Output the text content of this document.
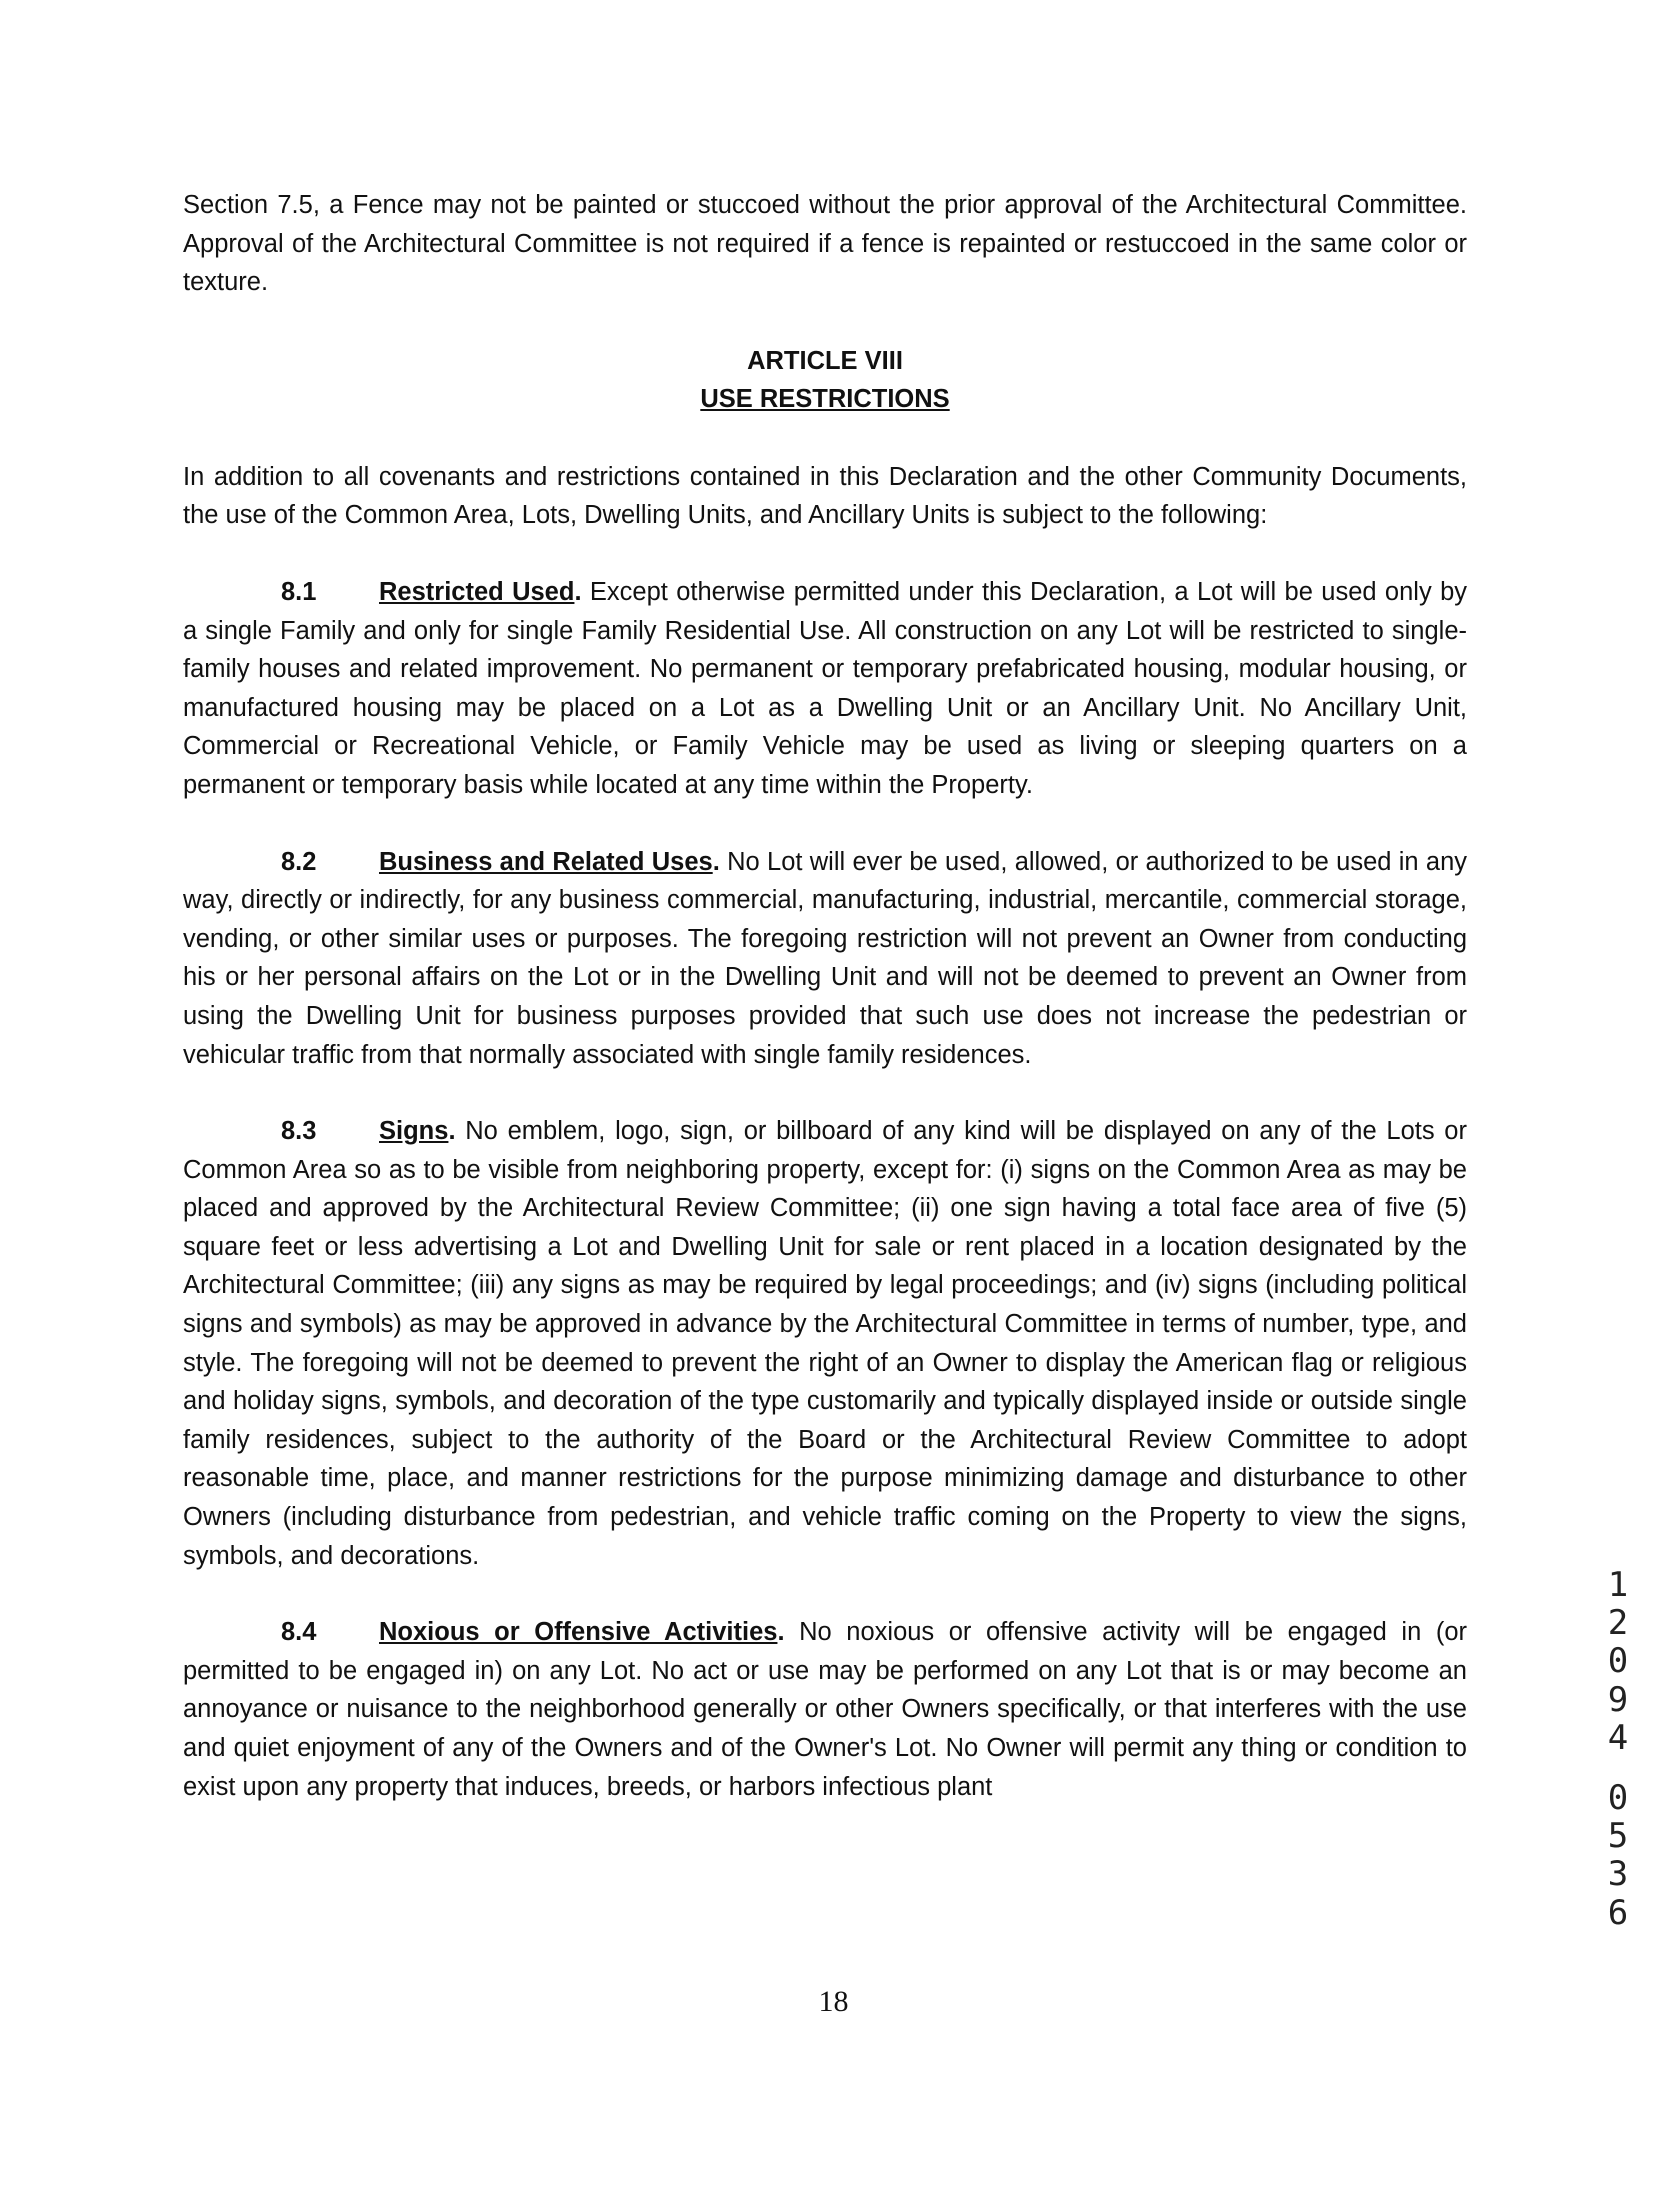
Section 7.5, a Fence may not be painted or stuccoed without the prior approval of the Architectural Committee. Approval of the Architectural Committee is not required if a fence is repainted or restuccoed in the same color or texture.

ARTICLE VIII
USE RESTRICTIONS

In addition to all covenants and restrictions contained in this Declaration and the other Community Documents, the use of the Common Area, Lots, Dwelling Units, and Ancillary Units is subject to the following:

8.1 Restricted Used. Except otherwise permitted under this Declaration, a Lot will be used only by a single Family and only for single Family Residential Use. All construction on any Lot will be restricted to single-family houses and related improvement. No permanent or temporary prefabricated housing, modular housing, or manufactured housing may be placed on a Lot as a Dwelling Unit or an Ancillary Unit. No Ancillary Unit, Commercial or Recreational Vehicle, or Family Vehicle may be used as living or sleeping quarters on a permanent or temporary basis while located at any time within the Property.

8.2 Business and Related Uses. No Lot will ever be used, allowed, or authorized to be used in any way, directly or indirectly, for any business commercial, manufacturing, industrial, mercantile, commercial storage, vending, or other similar uses or purposes. The foregoing restriction will not prevent an Owner from conducting his or her personal affairs on the Lot or in the Dwelling Unit and will not be deemed to prevent an Owner from using the Dwelling Unit for business purposes provided that such use does not increase the pedestrian or vehicular traffic from that normally associated with single family residences.

8.3 Signs. No emblem, logo, sign, or billboard of any kind will be displayed on any of the Lots or Common Area so as to be visible from neighboring property, except for: (i) signs on the Common Area as may be placed and approved by the Architectural Review Committee; (ii) one sign having a total face area of five (5) square feet or less advertising a Lot and Dwelling Unit for sale or rent placed in a location designated by the Architectural Committee; (iii) any signs as may be required by legal proceedings; and (iv) signs (including political signs and symbols) as may be approved in advance by the Architectural Committee in terms of number, type, and style. The foregoing will not be deemed to prevent the right of an Owner to display the American flag or religious and holiday signs, symbols, and decoration of the type customarily and typically displayed inside or outside single family residences, subject to the authority of the Board or the Architectural Review Committee to adopt reasonable time, place, and manner restrictions for the purpose minimizing damage and disturbance to other Owners (including disturbance from pedestrian, and vehicle traffic coming on the Property to view the signs, symbols, and decorations.

8.4 Noxious or Offensive Activities. No noxious or offensive activity will be engaged in (or permitted to be engaged in) on any Lot. No act or use may be performed on any Lot that is or may become an annoyance or nuisance to the neighborhood generally or other Owners specifically, or that interferes with the use and quiet enjoyment of any of the Owners and of the Owner's Lot. No Owner will permit any thing or condition to exist upon any property that induces, breeds, or harbors infectious plant

1
2
0
9
4
0
5
3
6
18
